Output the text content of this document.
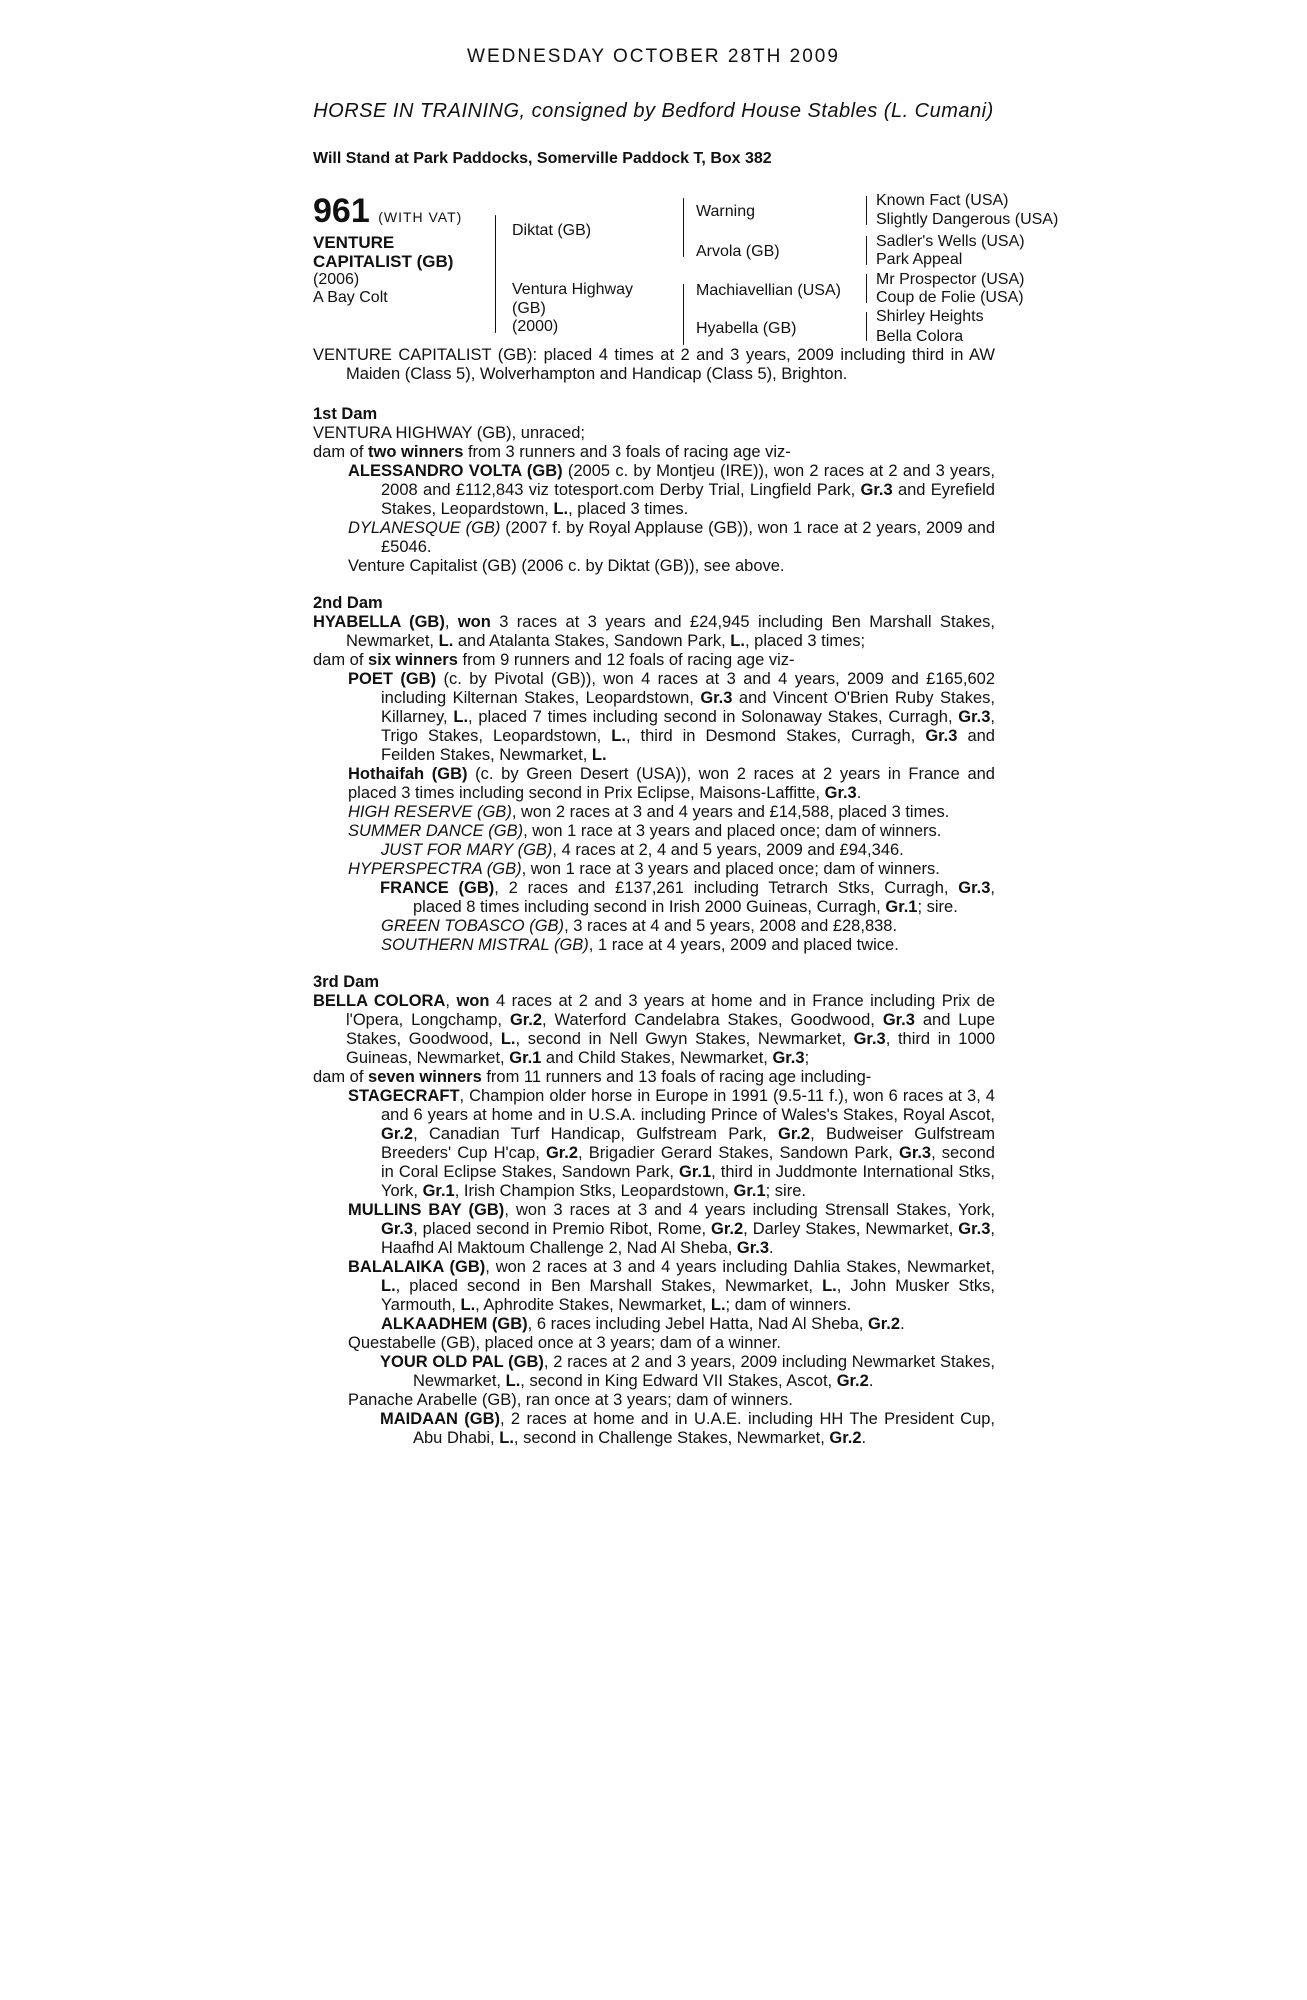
WEDNESDAY OCTOBER 28TH 2009
HORSE IN TRAINING, consigned by Bedford House Stables (L. Cumani)
Will Stand at Park Paddocks, Somerville Paddock T, Box 382
961 (WITH VAT)
VENTURE
CAPITALIST (GB)
(2006)
A Bay Colt
Diktat (GB)
Ventura Highway
(GB)
(2000)
Warning
Arvola (GB)
Machiavellian (USA)
Hyabella (GB)
Known Fact (USA)
Slightly Dangerous (USA)
Sadler's Wells (USA)
Park Appeal
Mr Prospector (USA)
Coup de Folie (USA)
Shirley Heights
Bella Colora

VENTURE CAPITALIST (GB): placed 4 times at 2 and 3 years, 2009 including third in AW Maiden (Class 5), Wolverhampton and Handicap (Class 5), Brighton.

1st Dam

VENTURA HIGHWAY (GB), unraced;

dam of two winners from 3 runners and 3 foals of racing age viz-

ALESSANDRO VOLTA (GB) (2005 c. by Montjeu (IRE)), won 2 races at 2 and 3 years, 2008 and £112,843 viz totesport.com Derby Trial, Lingfield Park, Gr.3 and Eyrefield Stakes, Leopardstown, L., placed 3 times.

DYLANESQUE (GB) (2007 f. by Royal Applause (GB)), won 1 race at 2 years, 2009 and £5046.

Venture Capitalist (GB) (2006 c. by Diktat (GB)), see above.

2nd Dam

HYABELLA (GB), won 3 races at 3 years and £24,945 including Ben Marshall Stakes, Newmarket, L. and Atalanta Stakes, Sandown Park, L., placed 3 times;

dam of six winners from 9 runners and 12 foals of racing age viz-

POET (GB) (c. by Pivotal (GB)), won 4 races at 3 and 4 years, 2009 and £165,602 including Kilternan Stakes, Leopardstown, Gr.3 and Vincent O'Brien Ruby Stakes, Killarney, L., placed 7 times including second in Solonaway Stakes, Curragh, Gr.3, Trigo Stakes, Leopardstown, L., third in Desmond Stakes, Curragh, Gr.3 and Feilden Stakes, Newmarket, L.

Hothaifah (GB) (c. by Green Desert (USA)), won 2 races at 2 years in France and placed 3 times including second in Prix Eclipse, Maisons-Laffitte, Gr.3.

HIGH RESERVE (GB), won 2 races at 3 and 4 years and £14,588, placed 3 times.

SUMMER DANCE (GB), won 1 race at 3 years and placed once; dam of winners.

JUST FOR MARY (GB), 4 races at 2, 4 and 5 years, 2009 and £94,346.

HYPERSPECTRA (GB), won 1 race at 3 years and placed once; dam of winners.

FRANCE (GB), 2 races and £137,261 including Tetrarch Stks, Curragh, Gr.3, placed 8 times including second in Irish 2000 Guineas, Curragh, Gr.1; sire.

GREEN TOBASCO (GB), 3 races at 4 and 5 years, 2008 and £28,838.

SOUTHERN MISTRAL (GB), 1 race at 4 years, 2009 and placed twice.

3rd Dam

BELLA COLORA, won 4 races at 2 and 3 years at home and in France including Prix de l'Opera, Longchamp, Gr.2, Waterford Candelabra Stakes, Goodwood, Gr.3 and Lupe Stakes, Goodwood, L., second in Nell Gwyn Stakes, Newmarket, Gr.3, third in 1000 Guineas, Newmarket, Gr.1 and Child Stakes, Newmarket, Gr.3;

dam of seven winners from 11 runners and 13 foals of racing age including-

STAGECRAFT, Champion older horse in Europe in 1991 (9.5-11 f.), won 6 races at 3, 4 and 6 years at home and in U.S.A. including Prince of Wales's Stakes, Royal Ascot, Gr.2, Canadian Turf Handicap, Gulfstream Park, Gr.2, Budweiser Gulfstream Breeders' Cup H'cap, Gr.2, Brigadier Gerard Stakes, Sandown Park, Gr.3, second in Coral Eclipse Stakes, Sandown Park, Gr.1, third in Juddmonte International Stks, York, Gr.1, Irish Champion Stks, Leopardstown, Gr.1; sire.

MULLINS BAY (GB), won 3 races at 3 and 4 years including Strensall Stakes, York, Gr.3, placed second in Premio Ribot, Rome, Gr.2, Darley Stakes, Newmarket, Gr.3, Haafhd Al Maktoum Challenge 2, Nad Al Sheba, Gr.3.

BALALAIKA (GB), won 2 races at 3 and 4 years including Dahlia Stakes, Newmarket, L., placed second in Ben Marshall Stakes, Newmarket, L., John Musker Stks, Yarmouth, L., Aphrodite Stakes, Newmarket, L.; dam of winners.

ALKAADHEM (GB), 6 races including Jebel Hatta, Nad Al Sheba, Gr.2.

Questabelle (GB), placed once at 3 years; dam of a winner.

YOUR OLD PAL (GB), 2 races at 2 and 3 years, 2009 including Newmarket Stakes, Newmarket, L., second in King Edward VII Stakes, Ascot, Gr.2.

Panache Arabelle (GB), ran once at 3 years; dam of winners.

MAIDAAN (GB), 2 races at home and in U.A.E. including HH The President Cup, Abu Dhabi, L., second in Challenge Stakes, Newmarket, Gr.2.
